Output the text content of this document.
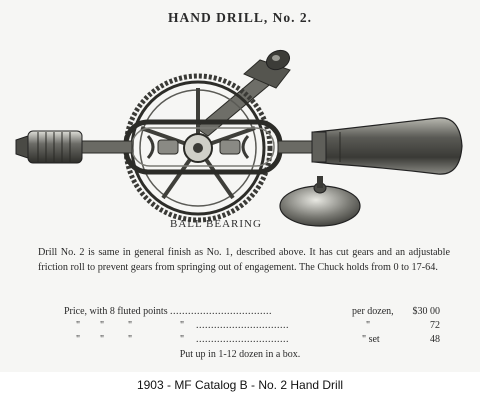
HAND DRILL, No. 2.
BALL BEARING
Drill No. 2 is same in general finish as No. 1, described above. It has cut gears and an adjustable friction roll to prevent gears from springing out of engagement. The Chuck holds from 0 to 17-64.
Price, with 8 fluted points ..................................	per dozen, $30 00
" " "	" ...............................	"	72
" " "	" ...............................	" set	48
Put up in 1-12 dozen in a box.
1903 - MF Catalog B - No. 2 Hand Drill
